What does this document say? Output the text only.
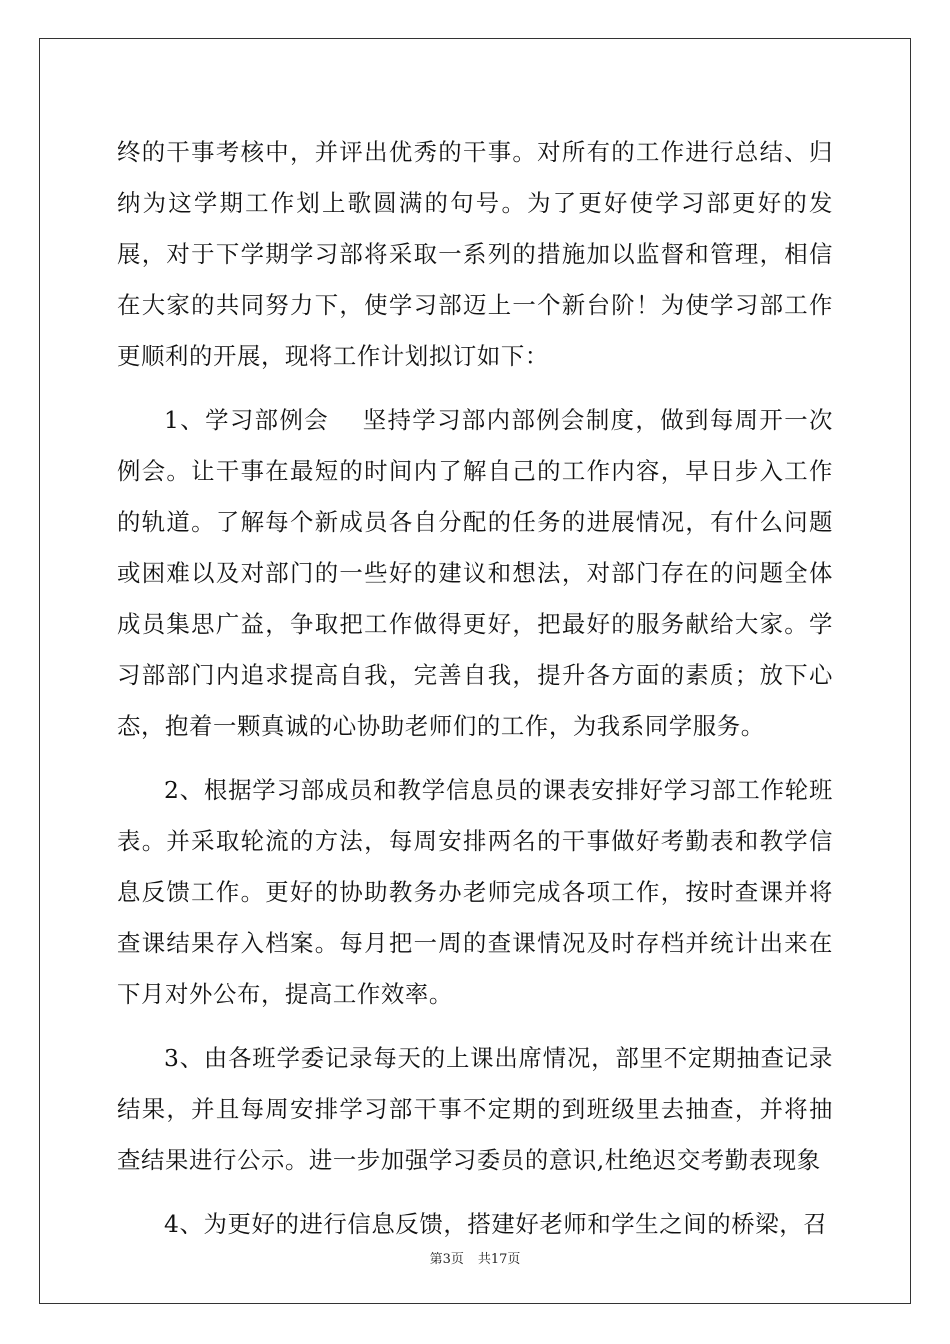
终的干事考核中，并评出优秀的干事。对所有的工作进行总结、归纳为这学期工作划上歌圆满的句号。为了更好使学习部更好的发展，对于下学期学习部将采取一系列的措施加以监督和管理，相信在大家的共同努力下，使学习部迈上一个新台阶！为使学习部工作更顺利的开展，现将工作计划拟订如下：

1、学习部例会　 坚持学习部内部例会制度，做到每周开一次例会。让干事在最短的时间内了解自己的工作内容，早日步入工作的轨道。了解每个新成员各自分配的任务的进展情况，有什么问题或困难以及对部门的一些好的建议和想法，对部门存在的问题全体成员集思广益，争取把工作做得更好，把最好的服务献给大家。学习部部门内追求提高自我，完善自我，提升各方面的素质；放下心态，抱着一颗真诚的心协助老师们的工作，为我系同学服务。

2、根据学习部成员和教学信息员的课表安排好学习部工作轮班表。并采取轮流的方法，每周安排两名的干事做好考勤表和教学信息反馈工作。更好的协助教务办老师完成各项工作，按时查课并将查课结果存入档案。每月把一周的查课情况及时存档并统计出来在下月对外公布，提高工作效率。

3、由各班学委记录每天的上课出席情况，部里不定期抽查记录结果，并且每周安排学习部干事不定期的到班级里去抽查，并将抽查结果进行公示。进一步加强学习委员的意识,杜绝迟交考勤表现象

4、为更好的进行信息反馈，搭建好老师和学生之间的桥梁，召

第3页 共17页
